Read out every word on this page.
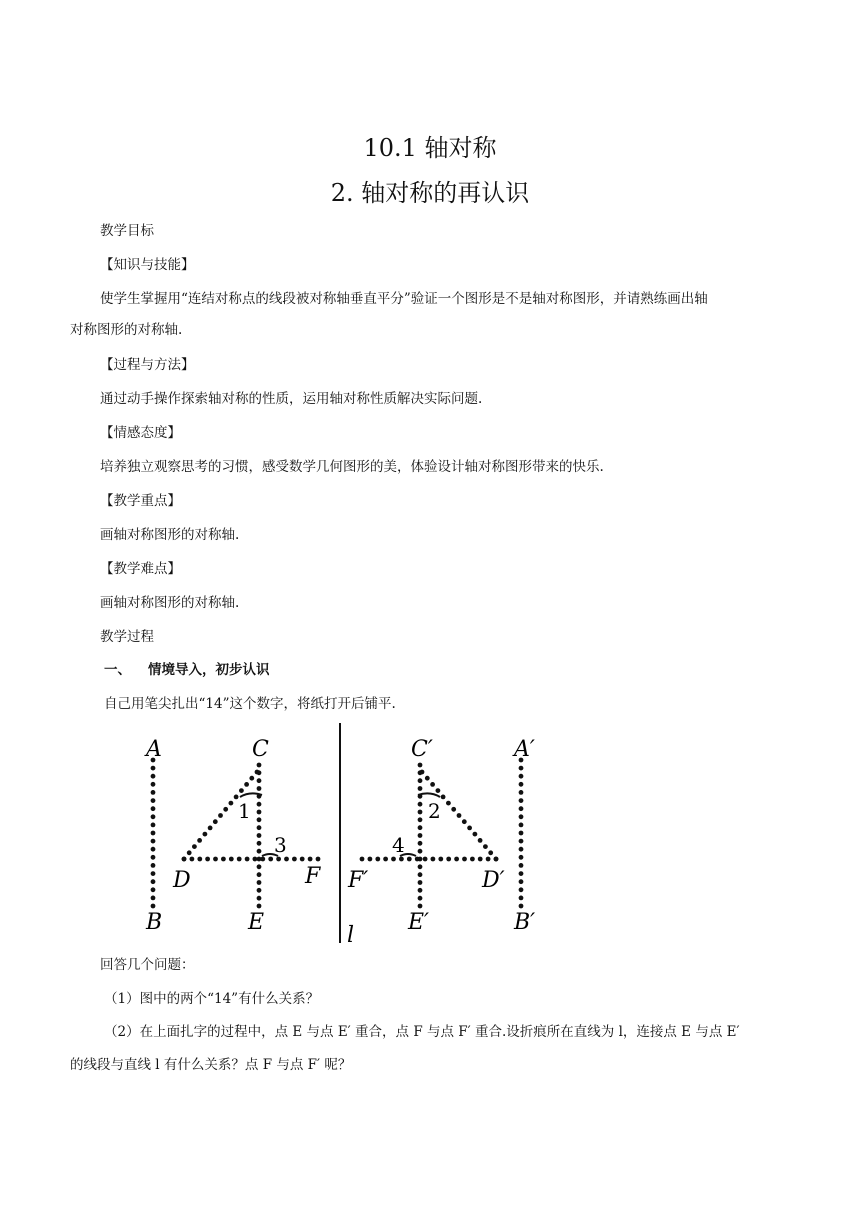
10.1 轴对称
2. 轴对称的再认识
教学目标
【知识与技能】
使学生掌握用“连结对称点的线段被对称轴垂直平分”验证一个图形是不是轴对称图形，并请熟练画出轴
对称图形的对称轴.
【过程与方法】
通过动手操作探索轴对称的性质，运用轴对称性质解决实际问题.
【情感态度】
培养独立观察思考的习惯，感受数学几何图形的美，体验设计轴对称图形带来的快乐.
【教学重点】
画轴对称图形的对称轴.
【教学难点】
画轴对称图形的对称轴.
教学过程
一、 情境导入，初步认识
自己用笔尖扎出“14”这个数字，将纸打开后铺平.
A	C
1
3
D	F
B	E
C′	A′
2
4
F′	D′
E′	B′
l
回答几个问题：
（1）图中的两个“14”有什么关系？
（2）在上面扎字的过程中，点 E 与点 E′ 重合，点 F 与点 F′ 重合.设折痕所在直线为 l，连接点 E 与点 E′
的线段与直线 l 有什么关系？点 F 与点 F′ 呢？
